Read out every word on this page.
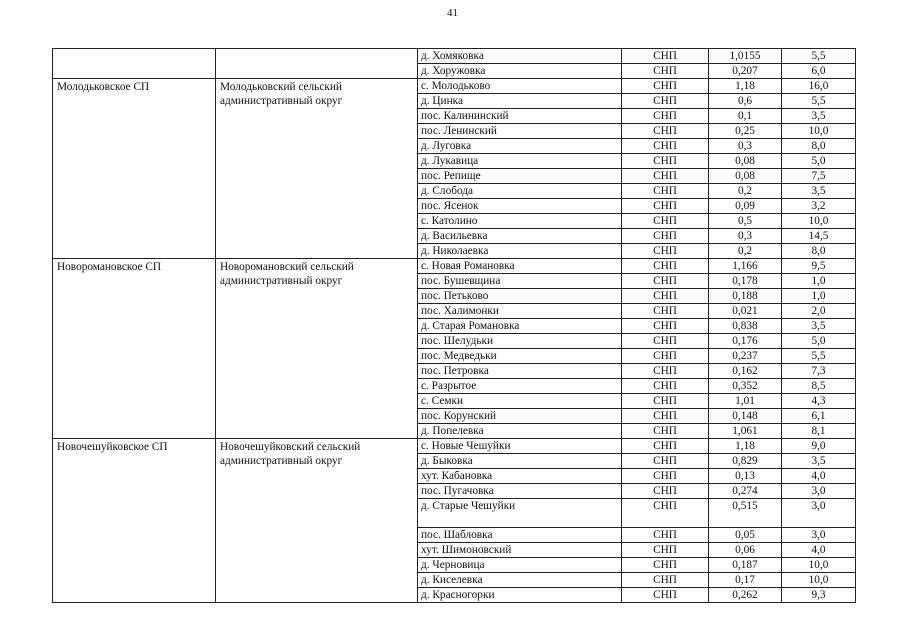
41
		д. Хомяковка	СНП	1,0155	5,5
		д. Хоружовка	СНП	0,207	6,0
Молодьковское СП	Молодьковский сельский административный округ	с. Молодьково	СНП	1,18	16,0
		д. Цинка	СНП	0,6	5,5
		пос. Калининский	СНП	0,1	3,5
		пос. Ленинский	СНП	0,25	10,0
		д. Луговка	СНП	0,3	8,0
		д. Лукавица	СНП	0,08	5,0
		пос. Репище	СНП	0,08	7,5
		д. Слобода	СНП	0,2	3,5
		пос. Ясенок	СНП	0,09	3,2
		с. Католино	СНП	0,5	10,0
		д. Васильевка	СНП	0,3	14,5
		д. Николаевка	СНП	0,2	8,0
Новоромановское СП	Новоромановский сельский административный округ	с. Новая Романовка	СНП	1,166	9,5
		пос. Бушевщина	СНП	0,178	1,0
		пос. Петьково	СНП	0,188	1,0
		пос. Халимонки	СНП	0,021	2,0
		д. Старая Романовка	СНП	0,838	3,5
		пос. Шелудьки	СНП	0,176	5,0
		пос. Медведьки	СНП	0,237	5,5
		пос. Петровка	СНП	0,162	7,3
		с. Разрытое	СНП	0,352	8,5
		с. Семки	СНП	1,01	4,3
		пос. Корунский	СНП	0,148	6,1
		д. Попелевка	СНП	1,061	8,1
Новочешуйковское СП	Новочешуйковский сельский административный округ	с. Новые Чешуйки	СНП	1,18	9,0
		д. Быковка	СНП	0,829	3,5
		хут. Кабановка	СНП	0,13	4,0
		пос. Пугачовка	СНП	0,274	3,0
		д. Старые Чешуйки	СНП	0,515	3,0
		пос. Шабловка	СНП	0,05	3,0
		хут. Шимоновский	СНП	0,06	4,0
		д. Черновица	СНП	0,187	10,0
		д. Киселевка	СНП	0,17	10,0
		д. Красногорки	СНП	0,262	9,3
